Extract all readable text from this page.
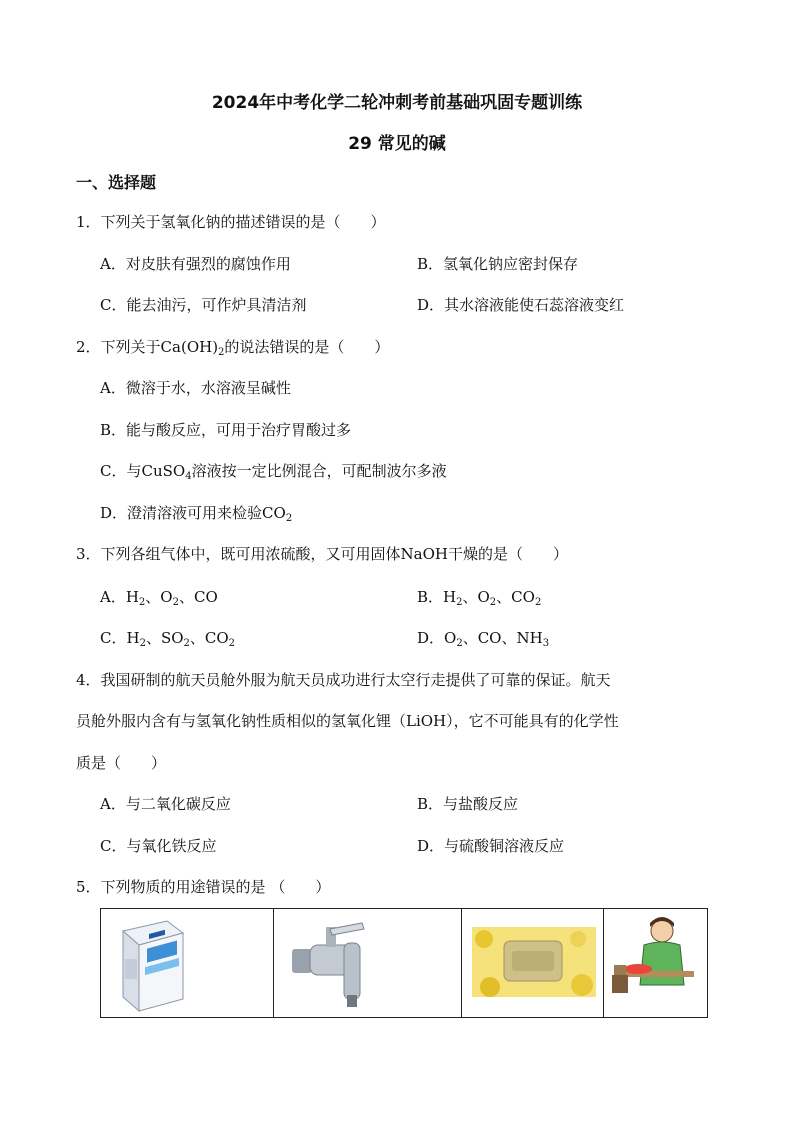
2024年中考化学二轮冲刺考前基础巩固专题训练
29 常见的碱
一、选择题
1．下列关于氢氧化钠的描述错误的是（　　）
A．对皮肤有强烈的腐蚀作用	B．氢氧化钠应密封保存
C．能去油污，可作炉具清洁剂	D．其水溶液能使石蕊溶液变红
2．下列关于$Ca(OH)_2$的说法错误的是（　　）
A．微溶于水，水溶液呈碱性
B．能与酸反应，可用于治疗胃酸过多
C．与CuSO$_4$溶液按一定比例混合，可配制波尔多液
D．澄清溶液可用来检验$CO_2$
3．下列各组气体中，既可用浓硫酸，又可用固体NaOH干燥的是（　　）
A．$H_2$、$O_2$、CO	B．$H_2$、$O_2$、$CO_2$
C．$H_2$、$SO_2$、$CO_2$	D．$O_2$、CO、$NH_3$
4．我国研制的航天员舱外服为航天员成功进行太空行走提供了可靠的保证。航天
员舱外服内含有与氢氧化钠性质相似的氢氧化锂（LiOH），它不可能具有的化学性
质是（　　）
A．与二氧化碳反应	B．与盐酸反应
C．与氧化铁反应	D．与硫酸铜溶液反应
5．下列物质的用途错误的是 （　　）
